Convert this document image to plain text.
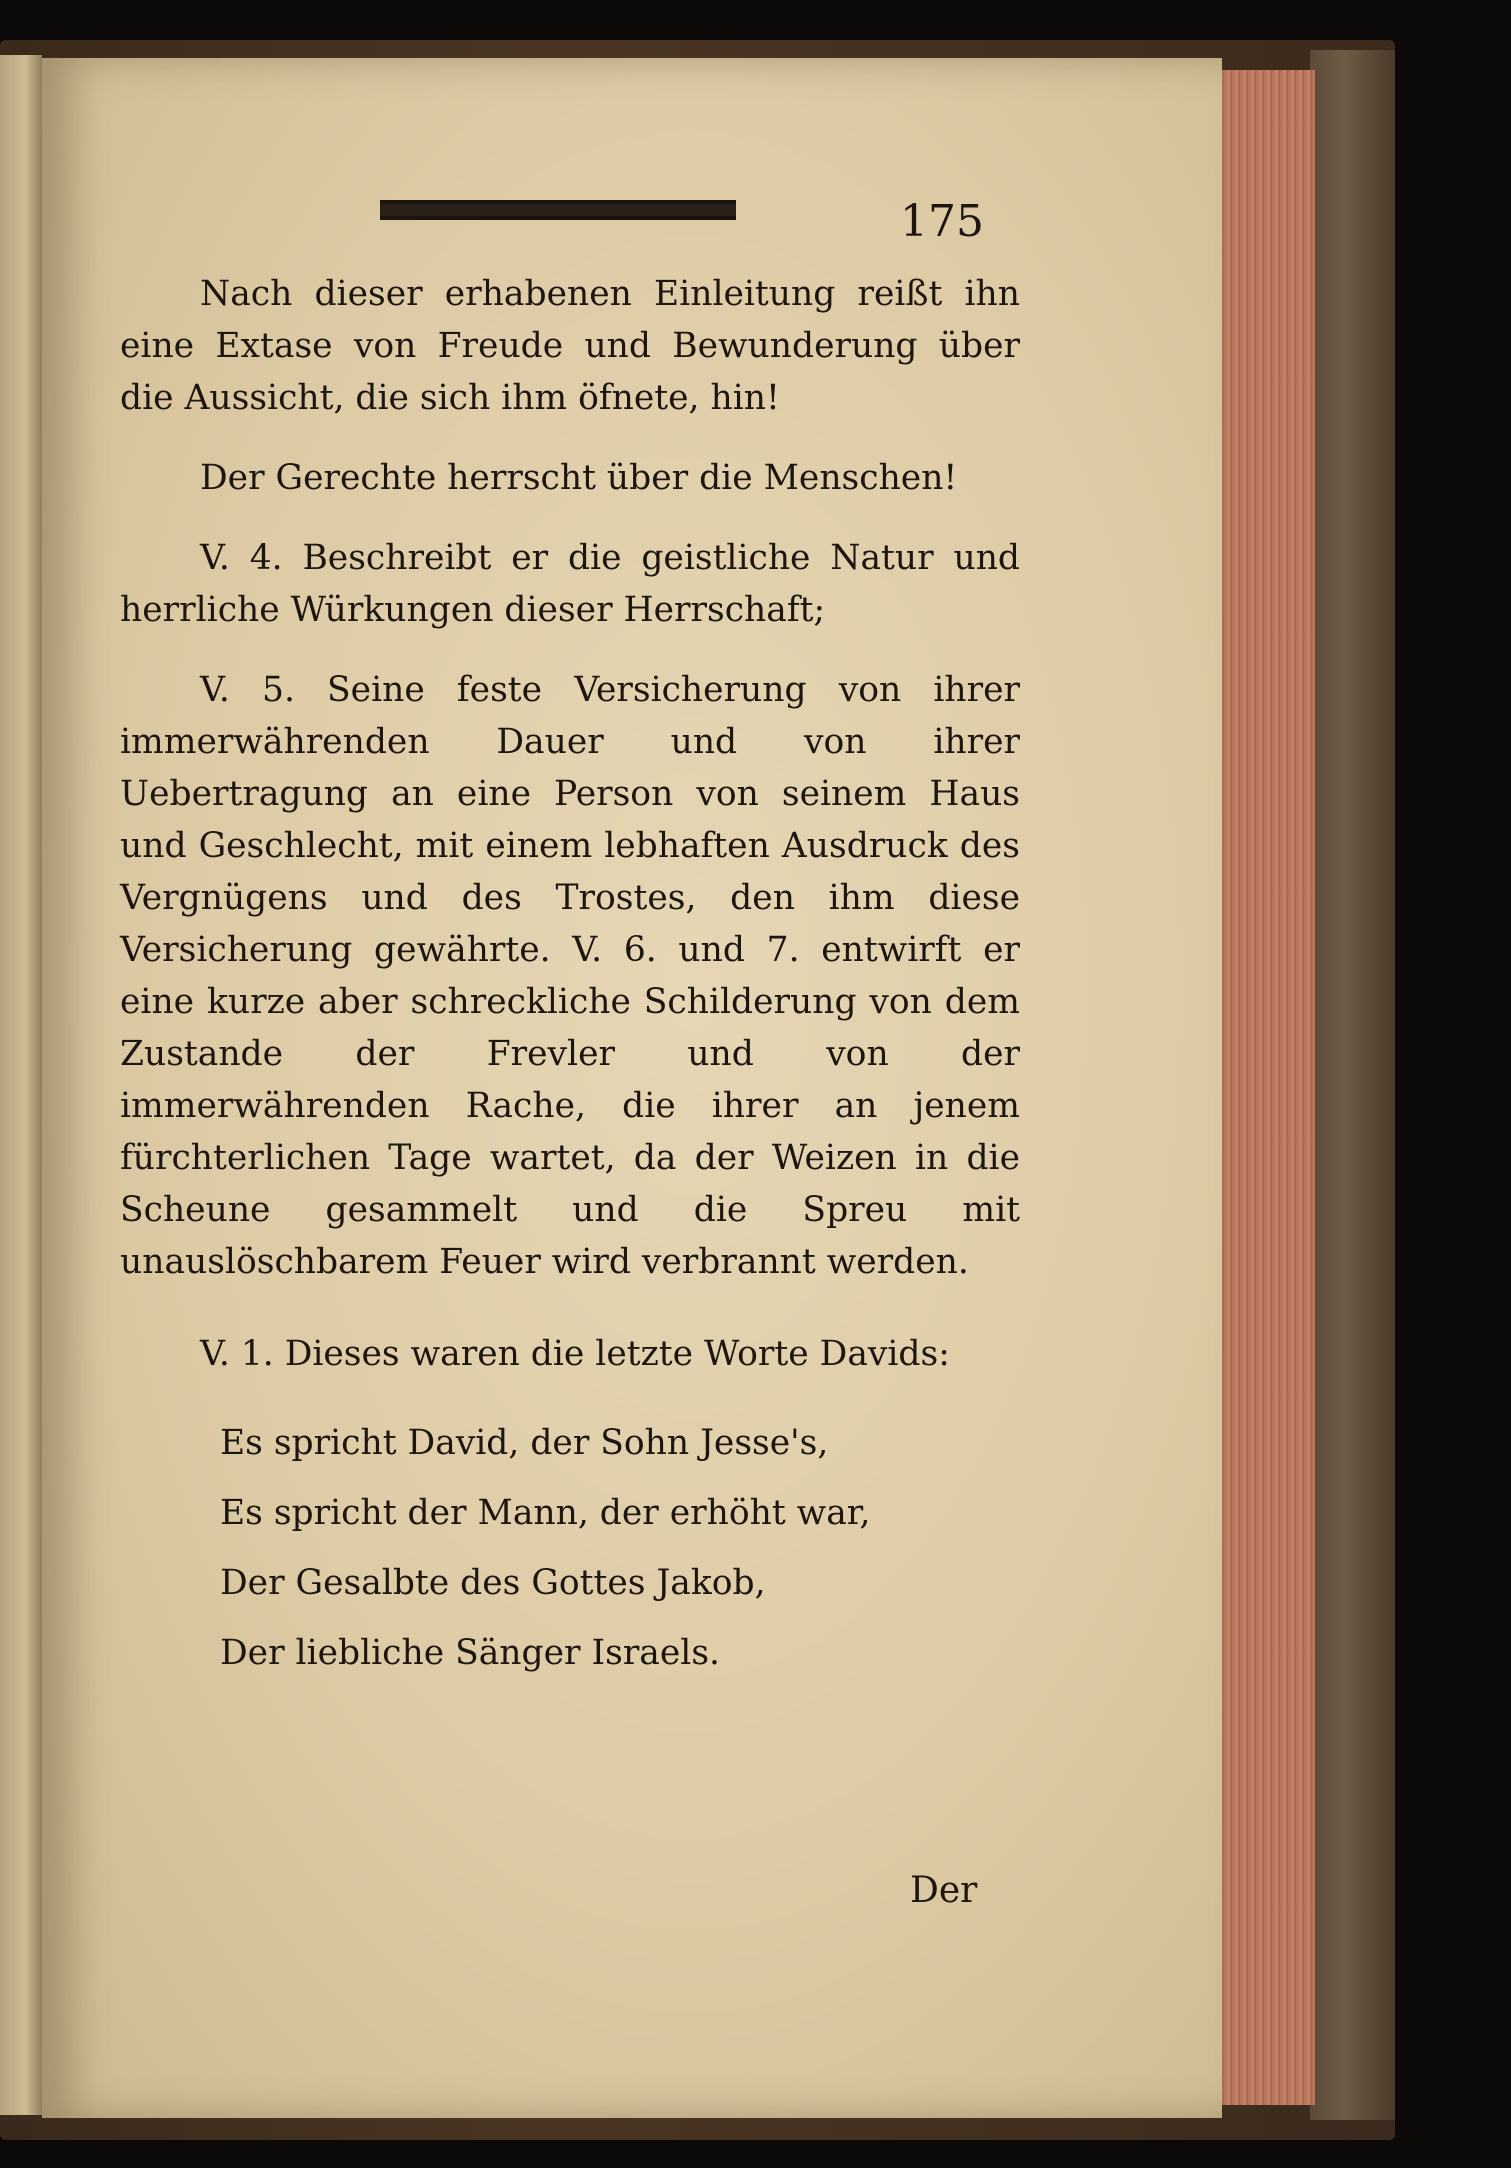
175

Nach dieser erhabenen Einleitung reißt ihn eine Extase von Freude und Bewunderung über die Aussicht, die sich ihm öfnete, hin!

Der Gerechte herrscht über die Menschen!

V. 4. Beschreibt er die geistliche Natur und herrliche Würkungen dieser Herrschaft;

V. 5. Seine feste Versicherung von ihrer immerwährenden Dauer und von ihrer Uebertragung an eine Person von seinem Haus und Geschlecht, mit einem lebhaften Ausdruck des Vergnügens und des Trostes, den ihm diese Versicherung gewährte. V. 6. und 7. entwirft er eine kurze aber schreckliche Schilderung von dem Zustande der Frevler und von der immerwährenden Rache, die ihrer an jenem fürchterlichen Tage wartet, da der Weizen in die Scheune gesammelt und die Spreu mit unauslöschbarem Feuer wird verbrannt werden.

V. 1. Dieses waren die letzte Worte Davids:

Es spricht David, der Sohn Jesse's,

Es spricht der Mann, der erhöht war,

Der Gesalbte des Gottes Jakob,

Der liebliche Sänger Israels.

Der
